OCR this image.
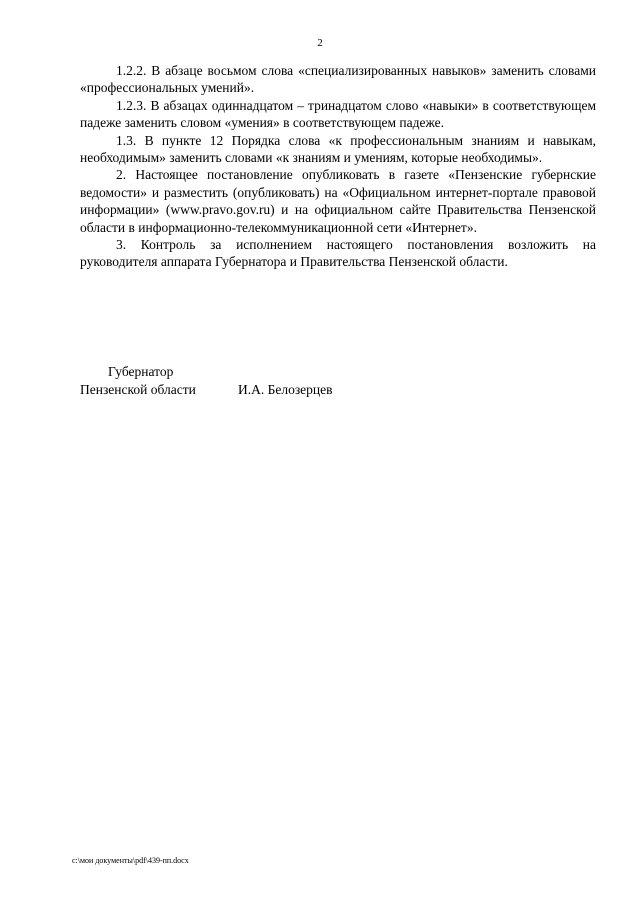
2

1.2.2. В абзаце восьмом слова «специализированных навыков» заменить словами «профессиональных умений».

1.2.3. В абзацах одиннадцатом – тринадцатом слово «навыки» в соответствующем падеже заменить словом «умения» в соответствующем падеже.

1.3. В пункте 12 Порядка слова «к профессиональным знаниям и навыкам, необходимым» заменить словами «к знаниям и умениям, которые необходимы».

2. Настоящее постановление опубликовать в газете «Пензенские губернские ведомости» и разместить (опубликовать) на «Официальном интернет-портале правовой информации» (www.pravo.gov.ru) и на официальном сайте Правительства Пензенской области в информационно-телекоммуникационной сети «Интернет».

3. Контроль за исполнением настоящего постановления возложить на руководителя аппарата Губернатора и Правительства Пензенской области.

Губернатор
Пензенской области	И.А. Белозерцев
c:\мои документы\pdf\439-пп.docx
